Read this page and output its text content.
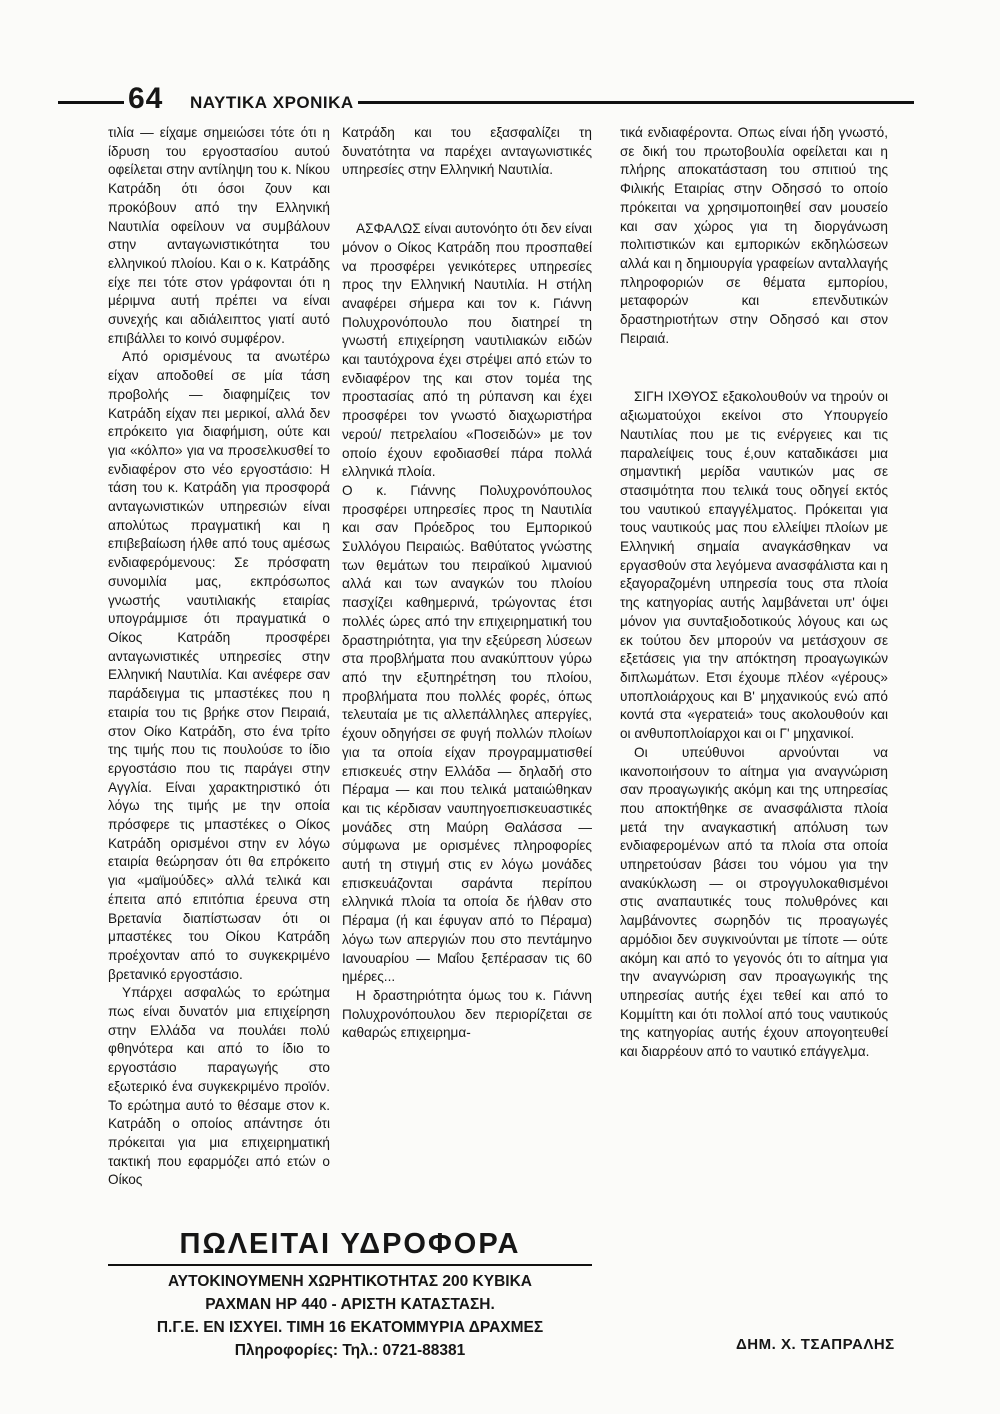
64 ΝΑΥΤΙΚΑ ΧΡΟΝΙΚΑ

τιλία — είχαμε σημειώσει τότε ότι η ίδρυση του εργοστασίου αυτού οφείλεται στην αντίληψη του κ. Νίκου Κατράδη ότι όσοι ζουν και προκόβουν από την Ελληνική Ναυτιλία οφείλουν να συμβάλουν στην ανταγωνιστικότητα του ελληνικού πλοίου. Και ο κ. Κατράδης είχε πει τότε στον γράφονται ότι η μέριμνα αυτή πρέπει να είναι συνεχής και αδιάλειπτος γιατί αυτό επιβάλλει το κοινό συμφέρον.

Από ορισμένους τα ανωτέρω είχαν αποδοθεί σε μία τάση προβολής — διαφημίζεις τον Κατράδη είχαν πει μερικοί, αλλά δεν επρόκειτο για διαφήμιση, ούτε και για «κόλπο» για να προσελκυσθεί το ενδιαφέρον στο νέο εργοστάσιο: Η τάση του κ. Κατράδη για προσφορά ανταγωνιστικών υπηρεσιών είναι απολύτως πραγματική και η επιβεβαίωση ήλθε από τους αμέσως ενδιαφερόμενους: Σε πρόσφατη συνομιλία μας, εκπρόσωπος γνωστής ναυτιλιακής εταιρίας υπογράμμισε ότι πραγματικά ο Οίκος Κατράδη προσφέρει ανταγωνιστικές υπηρεσίες στην Ελληνική Ναυτιλία. Και ανέφερε σαν παράδειγμα τις μπαστέκες που η εταιρία του τις βρήκε στον Πειραιά, στον Οίκο Κατράδη, στο ένα τρίτο της τιμής που τις πουλούσε το ίδιο εργοστάσιο που τις παράγει στην Αγγλία. Είναι χαρακτηριστικό ότι λόγω της τιμής με την οποία πρόσφερε τις μπαστέκες ο Οίκος Κατράδη ορισμένοι στην εν λόγω εταιρία θεώρησαν ότι θα επρόκειτο για «μαϊμούδες» αλλά τελικά και έπειτα από επιτόπια έρευνα στη Βρετανία διαπίστωσαν ότι οι μπαστέκες του Οίκου Κατράδη προέχονταν από το συγκεκριμένο βρετανικό εργοστάσιο.

Υπάρχει ασφαλώς το ερώτημα πως είναι δυνατόν μια επιχείρηση στην Ελλάδα να πουλάει πολύ φθηνότερα και από το ίδιο το εργοστάσιο παραγωγής στο εξωτερικό ένα συγκεκριμένο προϊόν. Το ερώτημα αυτό το θέσαμε στον κ. Κατράδη ο οποίος απάντησε ότι πρόκειται για μια επιχειρηματική τακτική που εφαρμόζει από ετών ο Οίκος

Κατράδη και του εξασφαλίζει τη δυνατότητα να παρέχει ανταγωνιστικές υπηρεσίες στην Ελληνική Ναυτιλία.

ΑΣΦΑΛΩΣ είναι αυτονόητο ότι δεν είναι μόνον ο Οίκος Κατράδη που προσπαθεί να προσφέρει γενικότερες υπηρεσίες προς την Ελληνική Ναυτιλία. Η στήλη αναφέρει σήμερα και τον κ. Γιάννη Πολυχρονόπουλο που διατηρεί τη γνωστή επιχείρηση ναυτιλιακών ειδών και ταυτόχρονα έχει στρέψει από ετών το ενδιαφέρον της και στον τομέα της προστασίας από τη ρύπανση και έχει προσφέρει τον γνωστό διαχωριστήρα νερού/ πετρελαίου «Ποσειδών» με τον οποίο έχουν εφοδιασθεί πάρα πολλά ελληνικά πλοία.

Ο κ. Γιάννης Πολυχρονόπουλος προσφέρει υπηρεσίες προς τη Ναυτιλία και σαν Πρόεδρος του Εμπορικού Συλλόγου Πειραιώς. Βαθύτατος γνώστης των θεμάτων του πειραϊκού λιμανιού αλλά και των αναγκών του πλοίου πασχίζει καθημερινά, τρώγοντας έτσι πολλές ώρες από την επιχειρηματική του δραστηριότητα, για την εξεύρεση λύσεων στα προβλήματα που ανακύπτουν γύρω από την εξυπηρέτηση του πλοίου, προβλήματα που πολλές φορές, όπως τελευταία με τις αλλεπάλληλες απεργίες, έχουν οδηγήσει σε φυγή πολλών πλοίων για τα οποία είχαν προγραμματισθεί επισκευές στην Ελλάδα — δηλαδή στο Πέραμα — και που τελικά ματαιώθηκαν και τις κέρδισαν ναυπηγοεπισκευαστικές μονάδες στη Μαύρη Θαλάσσα — σύμφωνα με ορισμένες πληροφορίες αυτή τη στιγμή στις εν λόγω μονάδες επισκευάζονται σαράντα περίπου ελληνικά πλοία τα οποία δε ήλθαν στο Πέραμα (ή και έφυγαν από το Πέραμα) λόγω των απεργιών που στο πεντάμηνο Ιανουαρίου — Μαΐου ξεπέρασαν τις 60 ημέρες...

Η δραστηριότητα όμως του κ. Γιάννη Πολυχρονόπουλου δεν περιορίζεται σε καθαρώς επιχειρημα-

τικά ενδιαφέροντα. Οπως είναι ήδη γνωστό, σε δική του πρωτοβουλία οφείλεται και η πλήρης αποκατάσταση του σπιτιού της Φιλικής Εταιρίας στην Οδησσό το οποίο πρόκειται να χρησιμοποιηθεί σαν μουσείο και σαν χώρος για τη διοργάνωση πολιτιστικών και εμπορικών εκδηλώσεων αλλά και η δημιουργία γραφείων ανταλλαγής πληροφοριών σε θέματα εμπορίου, μεταφορών και επενδυτικών δραστηριοτήτων στην Οδησσό και στον Πειραιά.

ΣΙΓΗ ΙΧΘΥΟΣ εξακολουθούν να τηρούν οι αξιωματούχοι εκείνοι στο Υπουργείο Ναυτιλίας που με τις ενέργειες και τις παραλείψεις τους έ,ουν καταδικάσει μια σημαντική μερίδα ναυτικών μας σε στασιμότητα που τελικά τους οδηγεί εκτός του ναυτικού επαγγέλματος. Πρόκειται για τους ναυτικούς μας που ελλείψει πλοίων με Ελληνική σημαία αναγκάσθηκαν να εργασθούν στα λεγόμενα ανασφάλιστα και η εξαγοραζομένη υπηρεσία τους στα πλοία της κατηγορίας αυτής λαμβάνεται υπ' όψει μόνον για συνταξιοδοτικούς λόγους και ως εκ τούτου δεν μπορούν να μετάσχουν σε εξετάσεις για την απόκτηση προαγωγικών διπλωμάτων. Ετσι έχουμε πλέον «γέρους» υποπλοιάρχους και Β' μηχανικούς ενώ από κοντά στα «γερατειά» τους ακολουθούν και οι ανθυποπλοίαρχοι και οι Γ' μηχανικοί.

Οι υπεύθυνοι αρνούνται να ικανοποιήσουν το αίτημα για αναγνώριση σαν προαγωγικής ακόμη και της υπηρεσίας που αποκτήθηκε σε ανασφάλιστα πλοία μετά την αναγκαστική απόλυση των ενδιαφερομένων από τα πλοία στα οποία υπηρετούσαν βάσει του νόμου για την ανακύκλωση — οι στρογγυλοκαθισμένοι στις αναπαυτικές τους πολυθρόνες και λαμβάνοντες σωρηδόν τις προαγωγές αρμόδιοι δεν συγκινούνται με τίποτε — ούτε ακόμη και από το γεγονός ότι το αίτημα για την αναγνώριση σαν προαγωγικής της υπηρεσίας αυτής έχει τεθεί και από το Κομμίττη και ότι πολλοί από τους ναυτικούς της κατηγορίας αυτής έχουν απογοητευθεί και διαρρέουν από το ναυτικό επάγγελμα.

ΔΗΜ. Χ. ΤΣΑΠΡΑΛΗΣ
ΠΩΛΕΙΤΑΙ ΥΔΡΟΦΟΡΑ
ΑΥΤΟΚΙΝΟΥΜΕΝΗ ΧΩΡΗΤΙΚΟΤΗΤΑΣ 200 ΚΥΒΙΚΑ
ΡΑΧΜΑΝ ΗΡ 440 - ΑΡΙΣΤΗ ΚΑΤΑΣΤΑΣΗ.
Π.Γ.Ε. ΕΝ ΙΣΧΥΕΙ. ΤΙΜΗ 16 ΕΚΑΤΟΜΜΥΡΙΑ ΔΡΑΧΜΕΣ
Πληροφορίες: Τηλ.: 0721-88381
